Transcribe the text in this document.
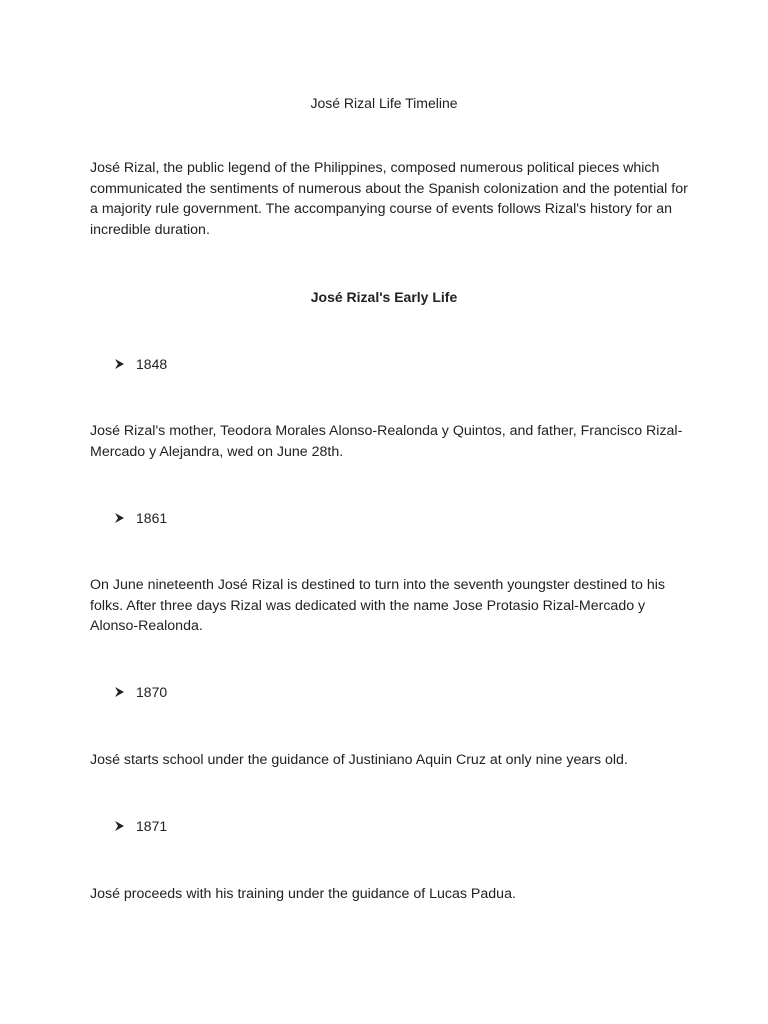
José Rizal Life Timeline
José Rizal, the public legend of the Philippines, composed numerous political pieces which communicated the sentiments of numerous about the Spanish colonization and the potential for a majority rule government. The accompanying course of events follows Rizal's history for an incredible duration.
José Rizal's Early Life
1848
José Rizal's mother, Teodora Morales Alonso-Realonda y Quintos, and father, Francisco Rizal-Mercado y Alejandra, wed on June 28th.
1861
On June nineteenth José Rizal is destined to turn into the seventh youngster destined to his folks. After three days Rizal was dedicated with the name Jose Protasio Rizal-Mercado y Alonso-Realonda.
1870
José starts school under the guidance of Justiniano Aquin Cruz at only nine years old.
1871
José proceeds with his training under the guidance of Lucas Padua.
